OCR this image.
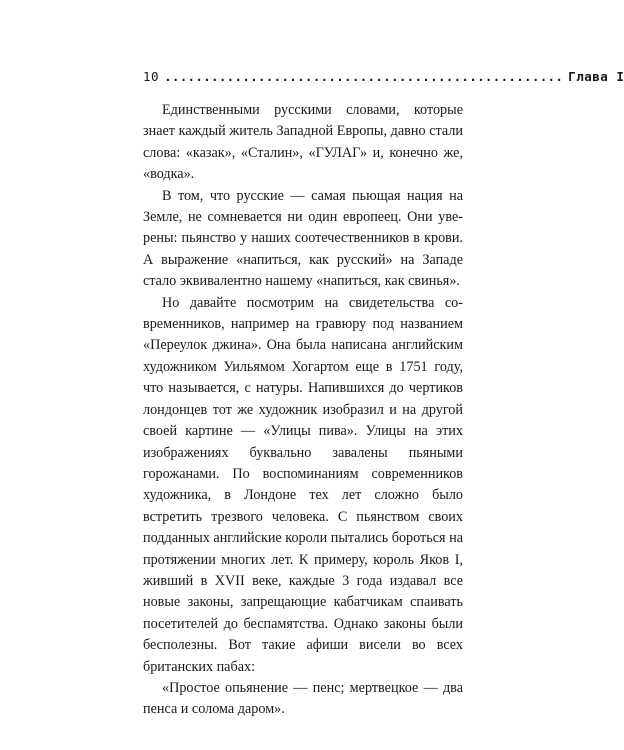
10 ................................................... Глава I

Единственными русскими словами, которые знает каждый житель Западной Европы, давно стали слова: «казак», «Сталин», «ГУЛАГ» и, конечно же, «водка».

В том, что русские — самая пьющая нация на Земле, не сомневается ни один европеец. Они уверены: пьянство у наших соотечественников в крови. А выражение «напиться, как русский» на Западе стало эквивалентно нашему «напиться, как свинья».

Но давайте посмотрим на свидетельства современников, например на гравюру под названием «Переулок джина». Она была написана английским художником Уильямом Хогартом еще в 1751 году, что называется, с натуры. Напившихся до чертиков лондонцев тот же художник изобразил и на другой своей картине — «Улицы пива». Улицы на этих изображениях буквально завалены пьяными горожанами. По воспоминаниям современников художника, в Лондоне тех лет сложно было встретить трезвого человека. С пьянством своих подданных английские короли пытались бороться на протяжении многих лет. К примеру, король Яков I, живший в XVII веке, каждые 3 года издавал все новые законы, запрещающие кабатчикам спаивать посетителей до беспамятства. Однако законы были бесполезны. Вот такие афиши висели во всех британских пабах:

«Простое опьянение — пенс; мертвецкое — два пенса и солома даром».
